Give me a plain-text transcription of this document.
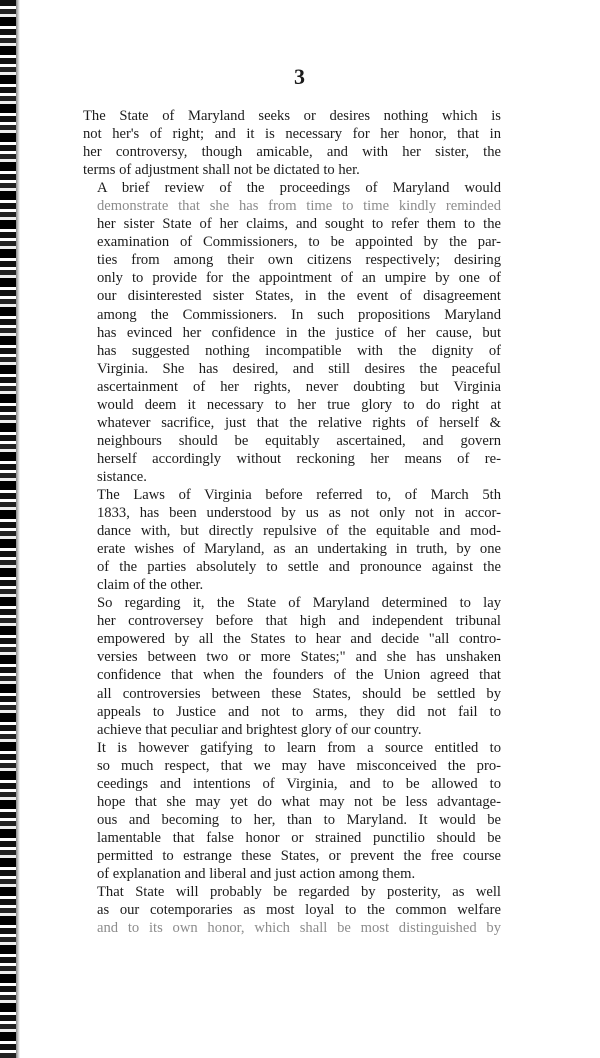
3

The State of Maryland seeks or desires nothing which is
not her's of right; and it is necessary for her honor, that in
her controversy, though amicable, and with her sister, the
terms of adjustment shall not be dictated to her.

A brief review of the proceedings of Maryland would
demonstrate that she has from time to time kindly reminded
her sister State of her claims, and sought to refer them to the
examination of Commissioners, to be appointed by the par-
ties from among their own citizens respectively; desiring
only to provide for the appointment of an umpire by one of
our disinterested sister States, in the event of disagreement
among the Commissioners. In such propositions Maryland
has evinced her confidence in the justice of her cause, but
has suggested nothing incompatible with the dignity of
Virginia. She has desired, and still desires the peaceful
ascertainment of her rights, never doubting but Virginia
would deem it necessary to her true glory to do right at
whatever sacrifice, just that the relative rights of herself &
neighbours should be equitably ascertained, and govern
herself accordingly without reckoning her means of re-
sistance.

The Laws of Virginia before referred to, of March 5th
1833, has been understood by us as not only not in accor-
dance with, but directly repulsive of the equitable and mod-
erate wishes of Maryland, as an undertaking in truth, by one
of the parties absolutely to settle and pronounce against the
claim of the other.

So regarding it, the State of Maryland determined to lay
her controversey before that high and independent tribunal
empowered by all the States to hear and decide "all contro-
versies between two or more States;" and she has unshaken
confidence that when the founders of the Union agreed that
all controversies between these States, should be settled by
appeals to Justice and not to arms, they did not fail to
achieve that peculiar and brightest glory of our country.

It is however gatifying to learn from a source entitled to
so much respect, that we may have misconceived the pro-
ceedings and intentions of Virginia, and to be allowed to
hope that she may yet do what may not be less advantage-
ous and becoming to her, than to Maryland. It would be
lamentable that false honor or strained punctilio should be
permitted to estrange these States, or prevent the free course
of explanation and liberal and just action among them.

That State will probably be regarded by posterity, as well
as our cotemporaries as most loyal to the common welfare
and to its own honor, which shall be most distinguished by
